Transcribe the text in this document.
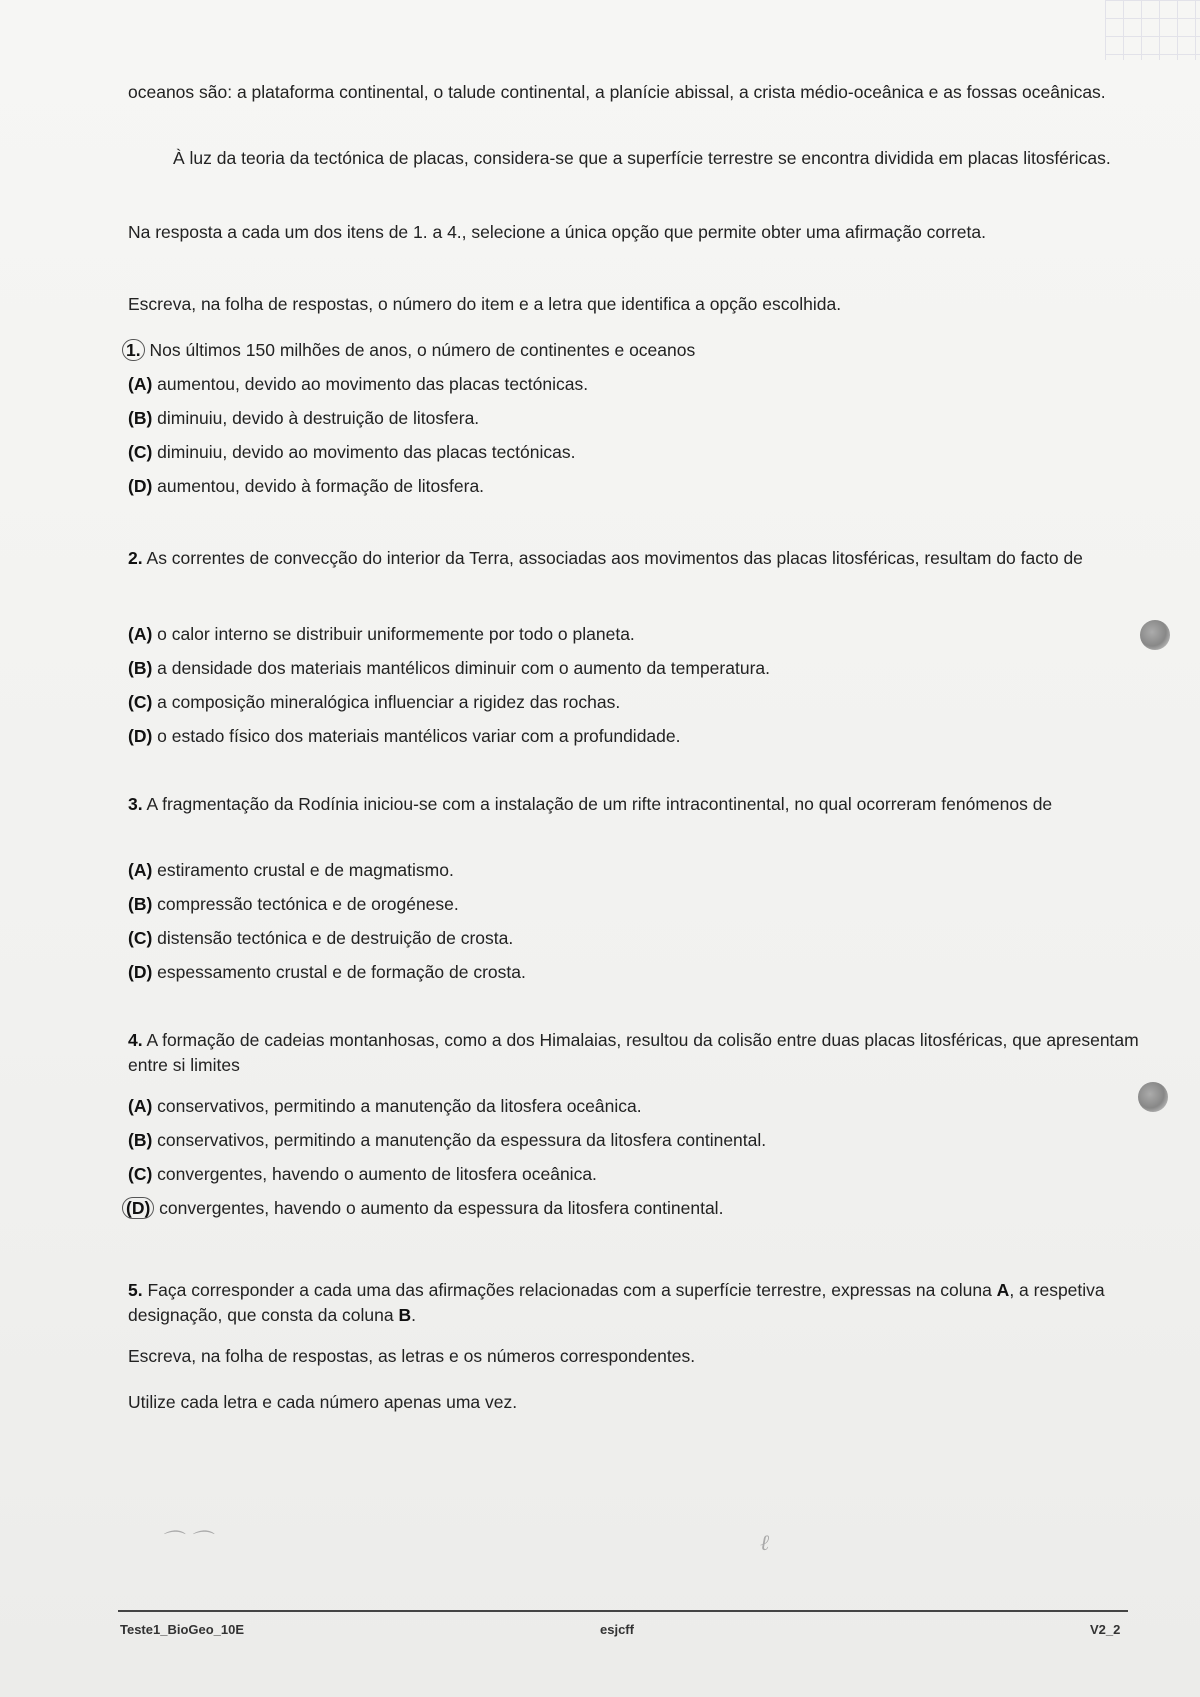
oceanos são: a plataforma continental, o talude continental, a planície abissal, a crista médio-oceânica e as fossas oceânicas.

À luz da teoria da tectónica de placas, considera-se que a superfície terrestre se encontra dividida em placas litosféricas.

Na resposta a cada um dos itens de 1. a 4., selecione a única opção que permite obter uma afirmação correta.

Escreva, na folha de respostas, o número do item e a letra que identifica a opção escolhida.

1. Nos últimos 150 milhões de anos, o número de continentes e oceanos
(A) aumentou, devido ao movimento das placas tectónicas.
(B) diminuiu, devido à destruição de litosfera.
(C) diminuiu, devido ao movimento das placas tectónicas.
(D) aumentou, devido à formação de litosfera.
2. As correntes de convecção do interior da Terra, associadas aos movimentos das placas litosféricas, resultam do facto de
(A) o calor interno se distribuir uniformemente por todo o planeta.
(B) a densidade dos materiais mantélicos diminuir com o aumento da temperatura.
(C) a composição mineralógica influenciar a rigidez das rochas.
(D) o estado físico dos materiais mantélicos variar com a profundidade.
3. A fragmentação da Rodínia iniciou-se com a instalação de um rifte intracontinental, no qual ocorreram fenómenos de
(A) estiramento crustal e de magmatismo.
(B) compressão tectónica e de orogénese.
(C) distensão tectónica e de destruição de crosta.
(D) espessamento crustal e de formação de crosta.
4. A formação de cadeias montanhosas, como a dos Himalaias, resultou da colisão entre duas placas litosféricas, que apresentam entre si limites
(A) conservativos, permitindo a manutenção da litosfera oceânica.
(B) conservativos, permitindo a manutenção da espessura da litosfera continental.
(C) convergentes, havendo o aumento de litosfera oceânica.
(D) convergentes, havendo o aumento da espessura da litosfera continental.
5. Faça corresponder a cada uma das afirmações relacionadas com a superfície terrestre, expressas na coluna A, a respetiva designação, que consta da coluna B.

Escreva, na folha de respostas, as letras e os números correspondentes.

Utilize cada letra e cada número apenas uma vez.

⌒ ⌒	ℓ
Teste1_BioGeo_10E	esjcff	V2_2
